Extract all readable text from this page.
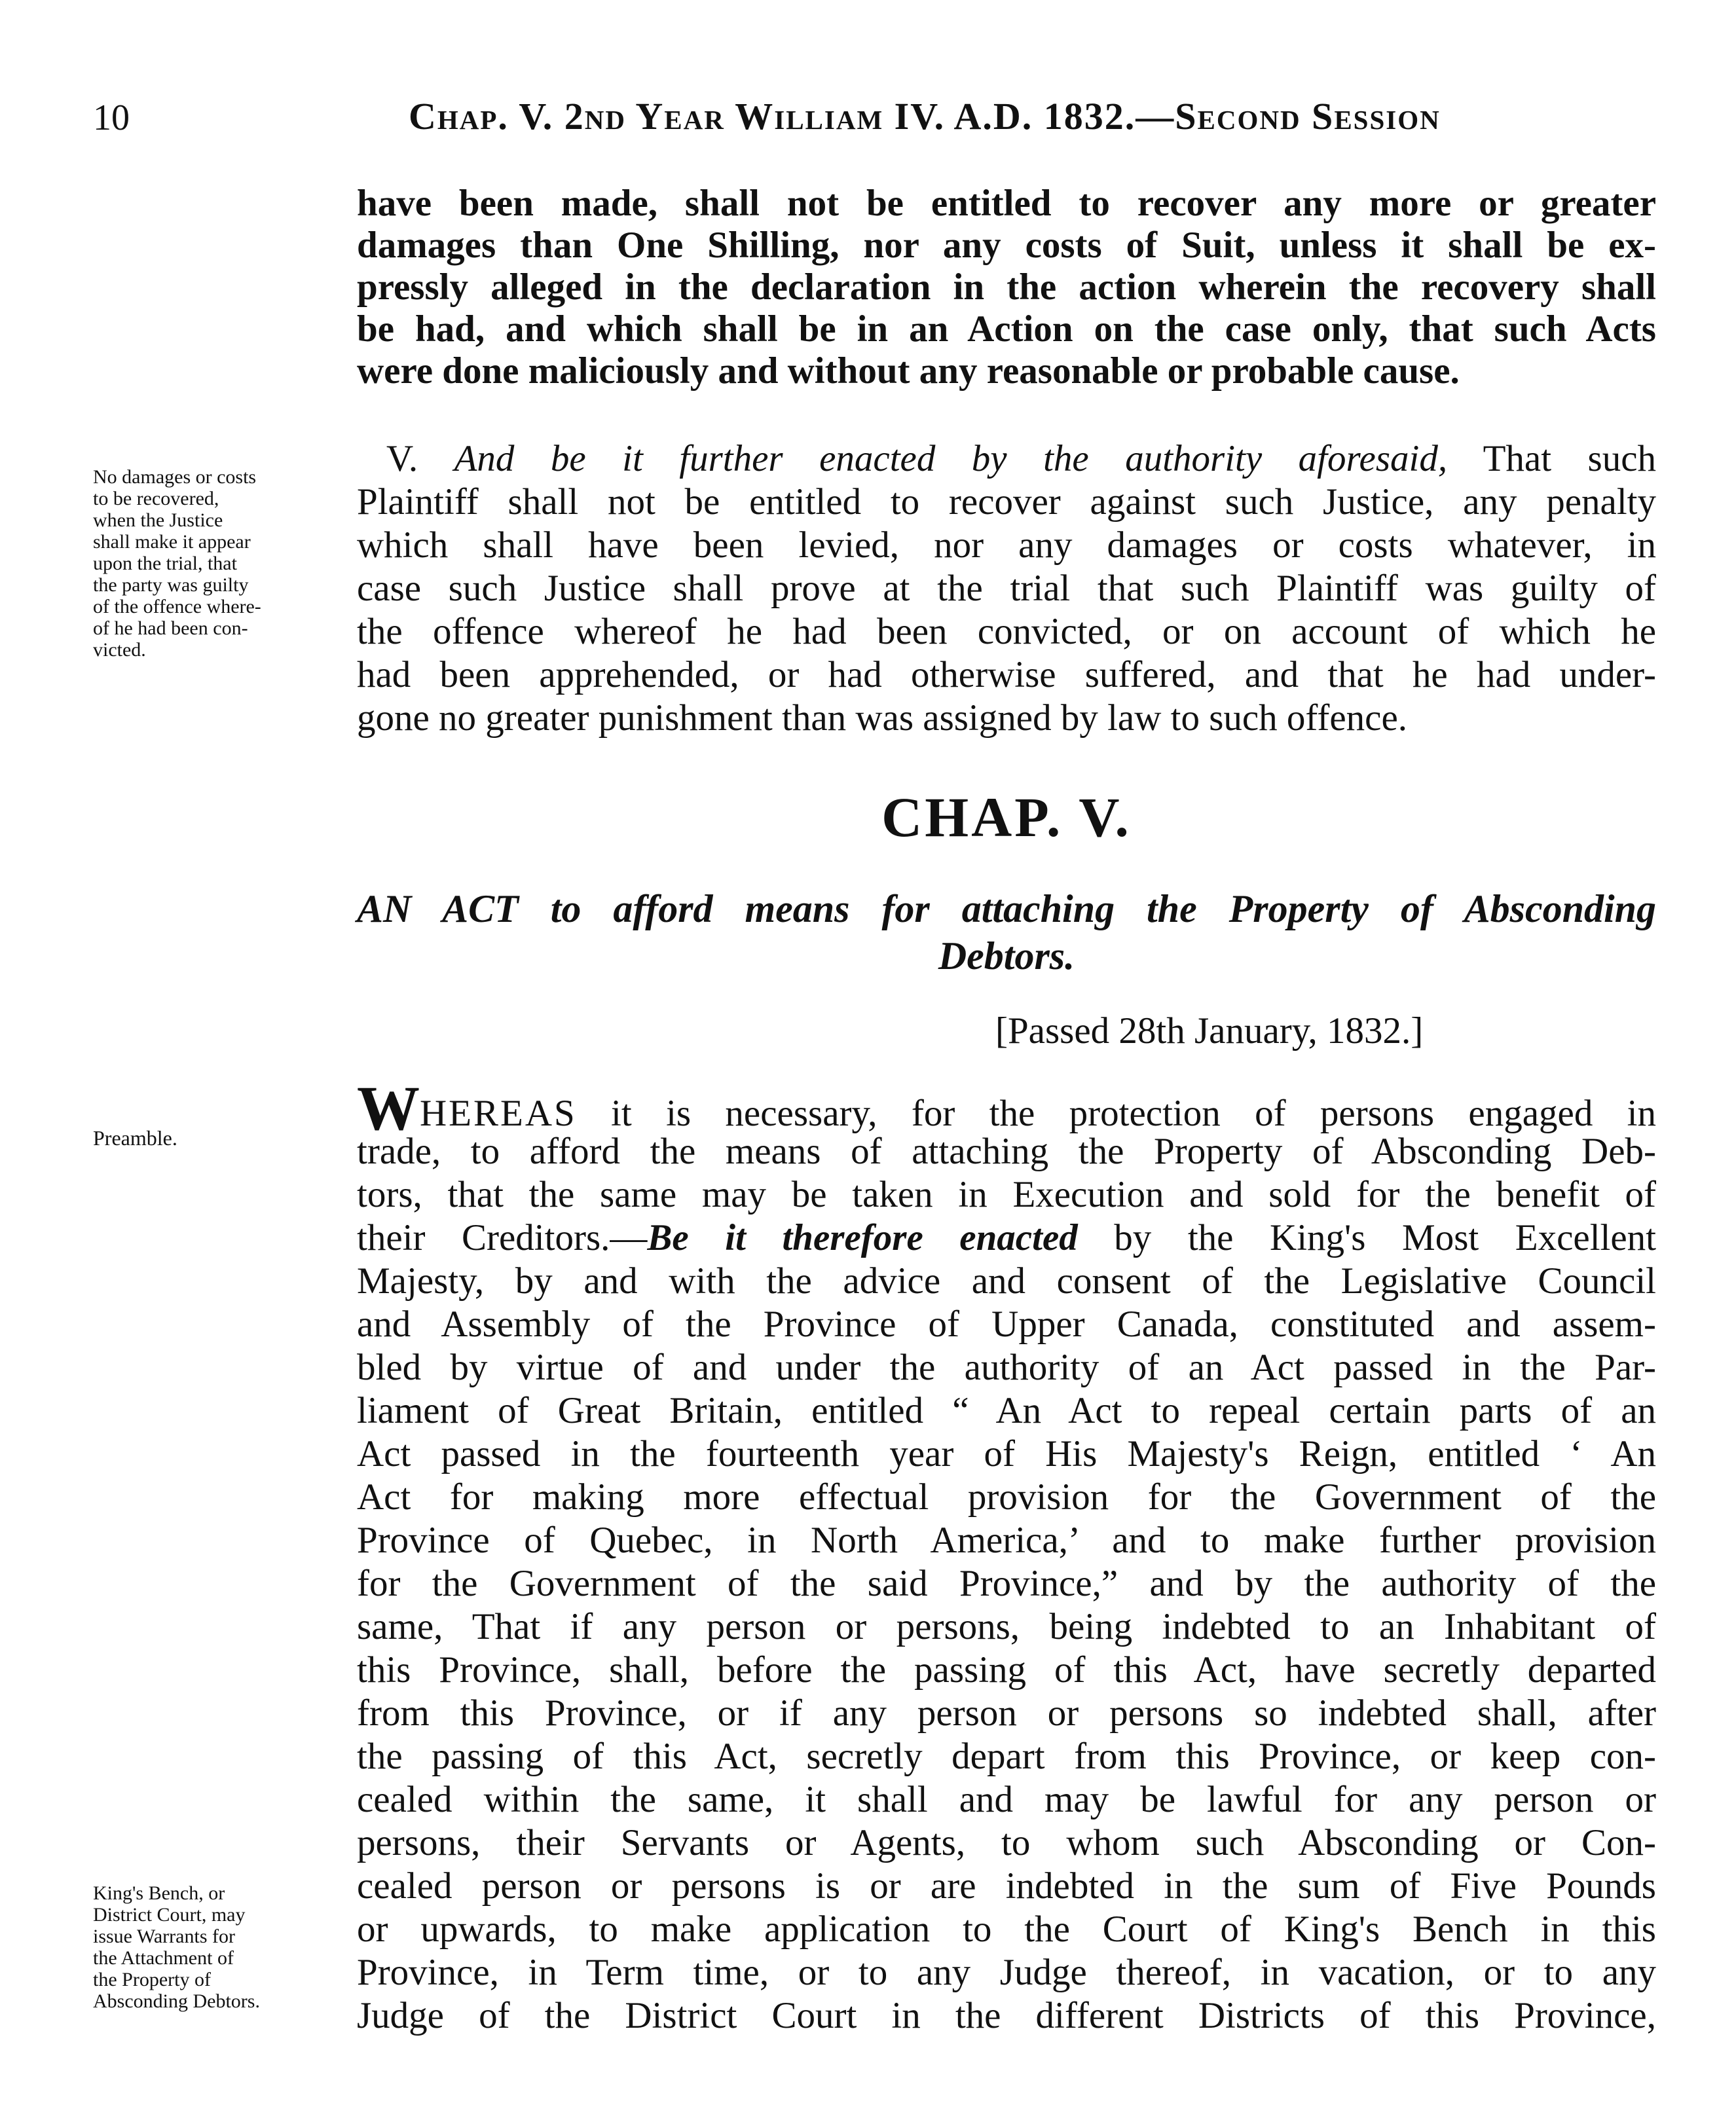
10	Chap. V. 2nd Year William IV. A.D. 1832.—Second Session
have been made, shall not be entitled to recover any more or greater
damages than One Shilling, nor any costs of Suit, unless it shall be ex-
pressly alleged in the declaration in the action wherein the recovery shall
be had, and which shall be in an Action on the case only, that such Acts
were done maliciously and without any reasonable or probable cause.
V. And be it further enacted by the authority aforesaid, That such
Plaintiff shall not be entitled to recover against such Justice, any penalty
which shall have been levied, nor any damages or costs whatever, in
case such Justice shall prove at the trial that such Plaintiff was guilty of
the offence whereof he had been convicted, or on account of which he
had been apprehended, or had otherwise suffered, and that he had under-
gone no greater punishment than was assigned by law to such offence.
No damages or costs
to be recovered,
when the Justice
shall make it appear
upon the trial, that
the party was guilty
of the offence where-
of he had been con-
victed.
CHAP. V.
AN ACT to afford means for attaching the Property of Absconding
Debtors.
[Passed 28th January, 1832.]
Preamble.	WHEREAS it is necessary, for the protection of persons engaged in
trade, to afford the means of attaching the Property of Absconding Deb-
tors, that the same may be taken in Execution and sold for the benefit of
their Creditors.—Be it therefore enacted by the King's Most Excellent
Majesty, by and with the advice and consent of the Legislative Council
and Assembly of the Province of Upper Canada, constituted and assem-
bled by virtue of and under the authority of an Act passed in the Par-
liament of Great Britain, entitled “ An Act to repeal certain parts of an
Act passed in the fourteenth year of His Majesty's Reign, entitled ‘ An
Act for making more effectual provision for the Government of the
Province of Quebec, in North America,’ and to make further provision
for the Government of the said Province,” and by the authority of the
same, That if any person or persons, being indebted to an Inhabitant of
this Province, shall, before the passing of this Act, have secretly departed
from this Province, or if any person or persons so indebted shall, after
the passing of this Act, secretly depart from this Province, or keep con-
cealed within the same, it shall and may be lawful for any person or
persons, their Servants or Agents, to whom such Absconding or Con-
cealed person or persons is or are indebted in the sum of Five Pounds
or upwards, to make application to the Court of King's Bench in this
Province, in Term time, or to any Judge thereof, in vacation, or to any
Judge of the District Court in the different Districts of this Province,
King's Bench, or
District Court, may
issue Warrants for
the Attachment of
the Property of
Absconding Debtors.
